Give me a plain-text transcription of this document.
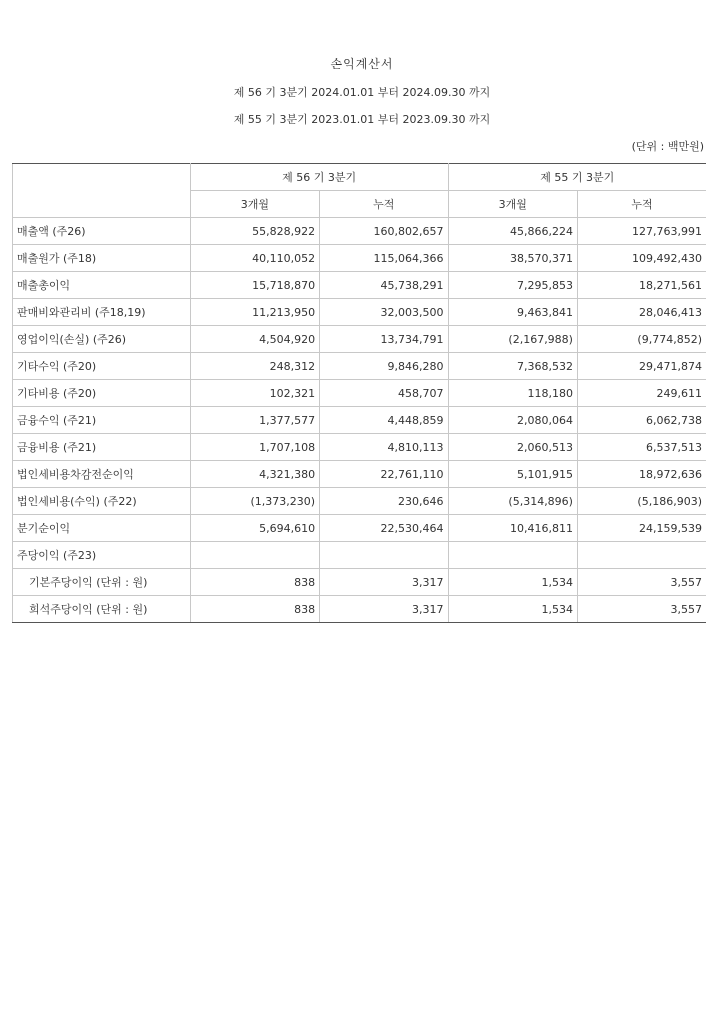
손익계산서
제 56 기 3분기 2024.01.01 부터 2024.09.30 까지
제 55 기 3분기 2023.01.01 부터 2023.09.30 까지
(단위 : 백만원)
	제 56 기 3분기		제 55 기 3분기	
	3개월	누적	3개월	누적
매출액 (주26)	55,828,922	160,802,657	45,866,224	127,763,991
매출원가 (주18)	40,110,052	115,064,366	38,570,371	109,492,430
매출총이익	15,718,870	45,738,291	7,295,853	18,271,561
판매비와관리비 (주18,19)	11,213,950	32,003,500	9,463,841	28,046,413
영업이익(손실) (주26)	4,504,920	13,734,791	(2,167,988)	(9,774,852)
기타수익 (주20)	248,312	9,846,280	7,368,532	29,471,874
기타비용 (주20)	102,321	458,707	118,180	249,611
금융수익 (주21)	1,377,577	4,448,859	2,080,064	6,062,738
금융비용 (주21)	1,707,108	4,810,113	2,060,513	6,537,513
법인세비용차감전순이익	4,321,380	22,761,110	5,101,915	18,972,636
법인세비용(수익) (주22)	(1,373,230)	230,646	(5,314,896)	(5,186,903)
분기순이익	5,694,610	22,530,464	10,416,811	24,159,539
주당이익 (주23)				
기본주당이익 (단위 : 원)	838	3,317	1,534	3,557
희석주당이익 (단위 : 원)	838	3,317	1,534	3,557
